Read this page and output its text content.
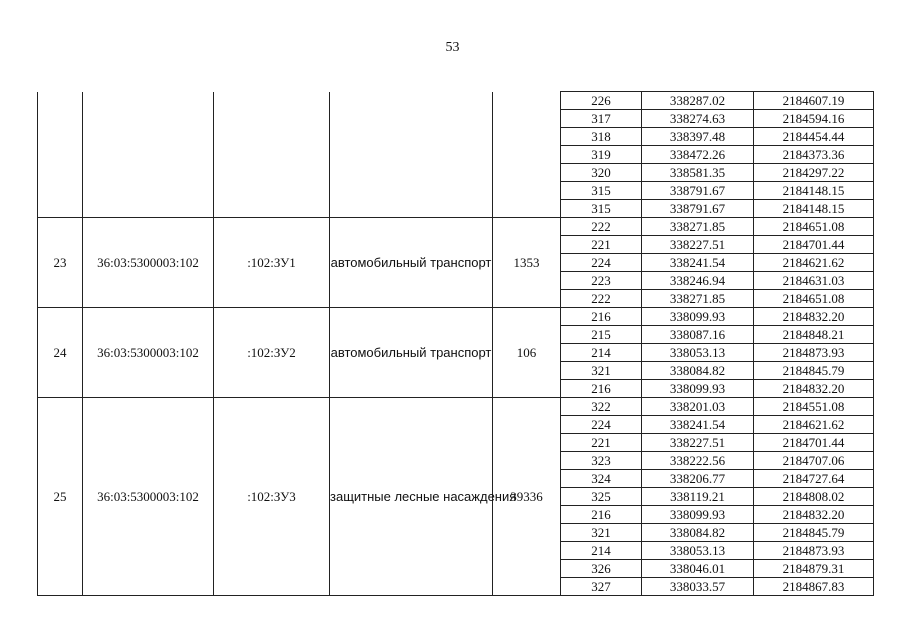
53
					226	338287.02	2184607.19
					317	338274.63	2184594.16
					318	338397.48	2184454.44
					319	338472.26	2184373.36
					320	338581.35	2184297.22
					315	338791.67	2184148.15
					315	338791.67	2184148.15
23	36:03:5300003:102	:102:ЗУ1	автомобильный транспорт	1353	222	338271.85	2184651.08
					221	338227.51	2184701.44
					224	338241.54	2184621.62
					223	338246.94	2184631.03
					222	338271.85	2184651.08
24	36:03:5300003:102	:102:ЗУ2	автомобильный транспорт	106	216	338099.93	2184832.20
					215	338087.16	2184848.21
					214	338053.13	2184873.93
					321	338084.82	2184845.79
					216	338099.93	2184832.20
25	36:03:5300003:102	:102:ЗУ3	защитные лесные насаждения	39336	322	338201.03	2184551.08
					224	338241.54	2184621.62
					221	338227.51	2184701.44
					323	338222.56	2184707.06
					324	338206.77	2184727.64
					325	338119.21	2184808.02
					216	338099.93	2184832.20
					321	338084.82	2184845.79
					214	338053.13	2184873.93
					326	338046.01	2184879.31
					327	338033.57	2184867.83
